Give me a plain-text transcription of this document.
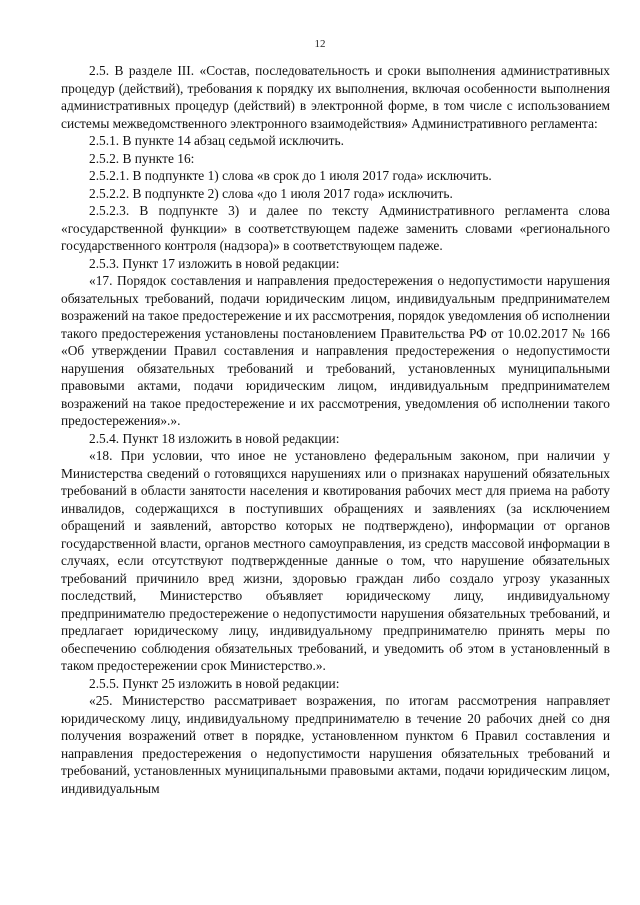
12

2.5. В разделе III. «Состав, последовательность и сроки выполнения административных процедур (действий), требования к порядку их выполнения, включая особенности выполнения административных процедур (действий) в электронной форме, в том числе с использованием системы межведомственного электронного взаимодействия» Административного регламента:

2.5.1. В пункте 14 абзац седьмой исключить.

2.5.2. В пункте 16:

2.5.2.1. В подпункте 1) слова «в срок до 1 июля 2017 года» исключить.

2.5.2.2. В подпункте 2) слова «до 1 июля 2017 года» исключить.

2.5.2.3. В подпункте 3) и далее по тексту Административного регламента слова «государственной функции» в соответствующем падеже заменить словами «регионального государственного контроля (надзора)» в соответствующем падеже.

2.5.3. Пункт 17 изложить в новой редакции:

«17. Порядок составления и направления предостережения о недопустимости нарушения обязательных требований, подачи юридическим лицом, индивидуальным предпринимателем возражений на такое предостережение и их рассмотрения, порядок уведомления об исполнении такого предостережения установлены постановлением Правительства РФ от 10.02.2017 № 166 «Об утверждении Правил составления и направления предостережения о недопустимости нарушения обязательных требований и требований, установленных муниципальными правовыми актами, подачи юридическим лицом, индивидуальным предпринимателем возражений на такое предостережение и их рассмотрения, уведомления об исполнении такого предостережения».».

2.5.4. Пункт 18 изложить в новой редакции:

«18. При условии, что иное не установлено федеральным законом, при наличии у Министерства сведений о готовящихся нарушениях или о признаках нарушений обязательных требований в области занятости населения и квотирования рабочих мест для приема на работу инвалидов, содержащихся в поступивших обращениях и заявлениях (за исключением обращений и заявлений, авторство которых не подтверждено), информации от органов государственной власти, органов местного самоуправления, из средств массовой информации в случаях, если отсутствуют подтвержденные данные о том, что нарушение обязательных требований причинило вред жизни, здоровью граждан либо создало угрозу указанных последствий, Министерство объявляет юридическому лицу, индивидуальному предпринимателю предостережение о недопустимости нарушения обязательных требований, и предлагает юридическому лицу, индивидуальному предпринимателю принять меры по обеспечению соблюдения обязательных требований, и уведомить об этом в установленный в таком предостережении срок Министерство.».

2.5.5. Пункт 25 изложить в новой редакции:

«25. Министерство рассматривает возражения, по итогам рассмотрения направляет юридическому лицу, индивидуальному предпринимателю в течение 20 рабочих дней со дня получения возражений ответ в порядке, установленном пунктом 6 Правил составления и направления предостережения о недопустимости нарушения обязательных требований и требований, установленных муниципальными правовыми актами, подачи юридическим лицом, индивидуальным
